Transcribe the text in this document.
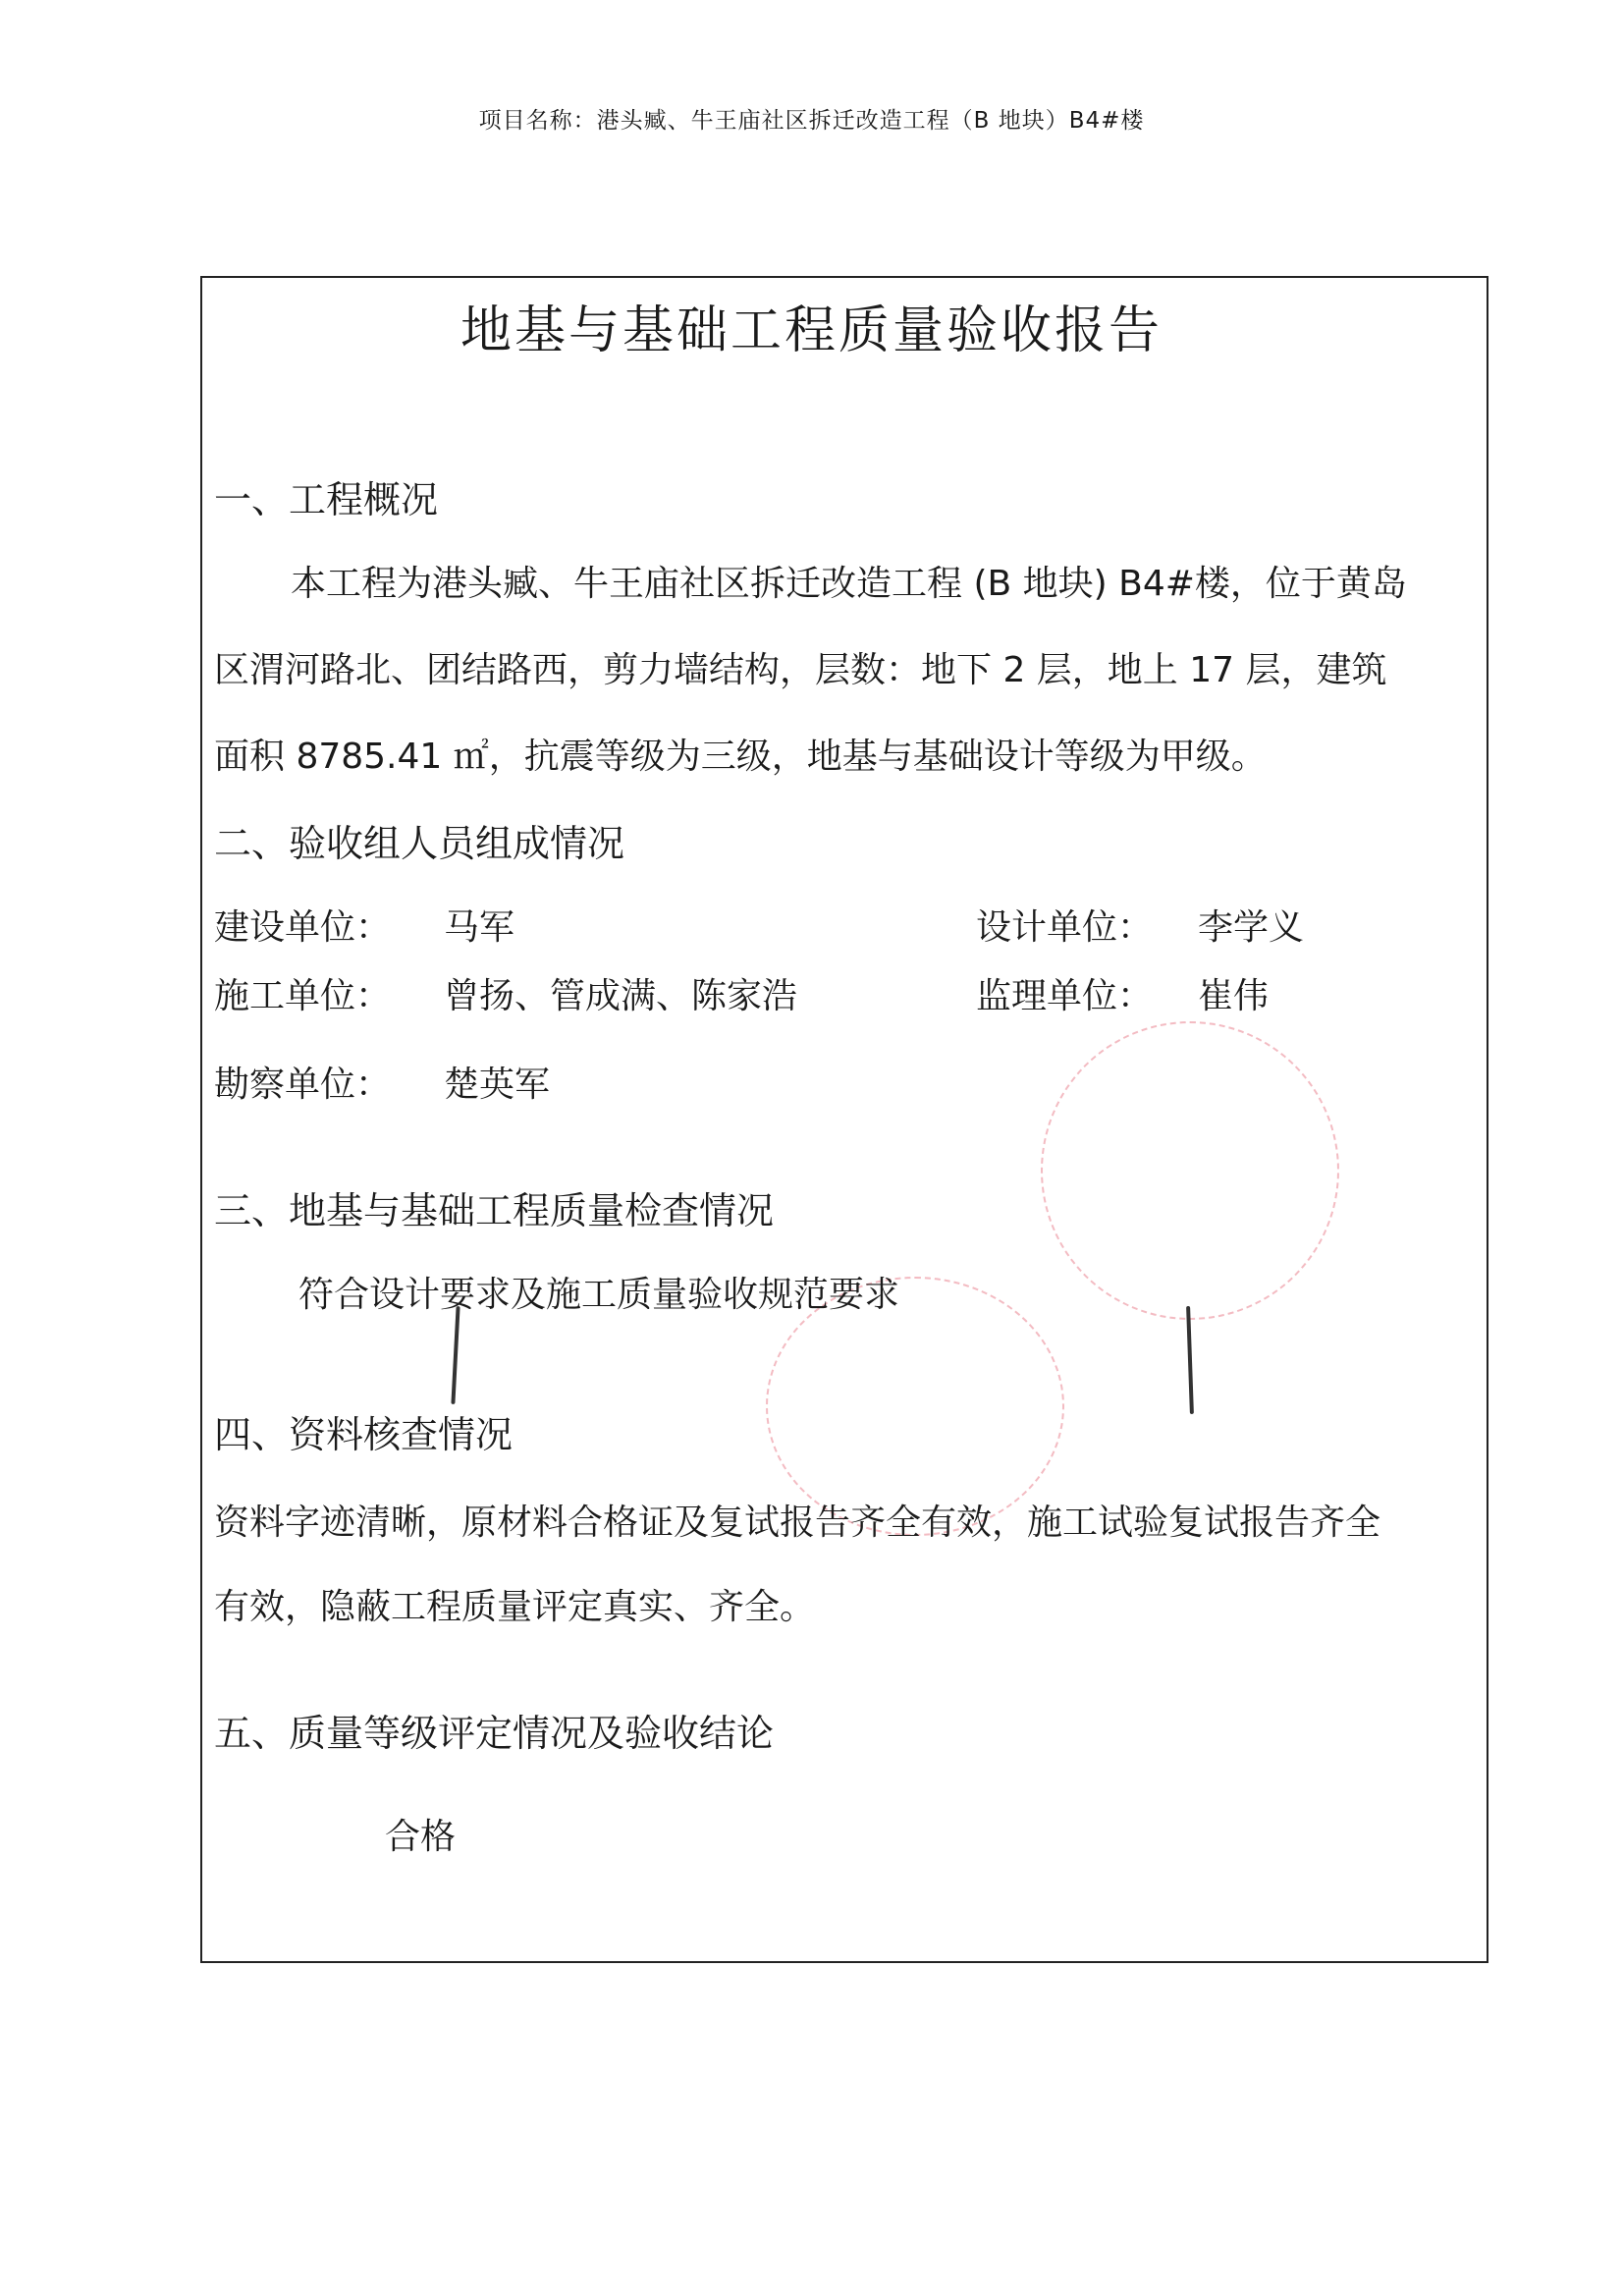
项目名称：港头臧、牛王庙社区拆迁改造工程（B 地块）B4#楼
地基与基础工程质量验收报告
一、工程概况
本工程为港头臧、牛王庙社区拆迁改造工程 (B 地块) B4#楼，位于黄岛
区渭河路北、团结路西，剪力墙结构，层数：地下 2 层，地上 17 层，建筑
面积 8785.41 ㎡，抗震等级为三级，地基与基础设计等级为甲级。
二、验收组人员组成情况
建设单位： 马军	设计单位： 李学义
施工单位： 曾扬、管成满、陈家浩	监理单位： 崔伟
勘察单位： 楚英军
三、地基与基础工程质量检查情况
符合设计要求及施工质量验收规范要求
四、资料核查情况
资料字迹清晰，原材料合格证及复试报告齐全有效，施工试验复试报告齐全
有效，隐蔽工程质量评定真实、齐全。
五、质量等级评定情况及验收结论
合格
